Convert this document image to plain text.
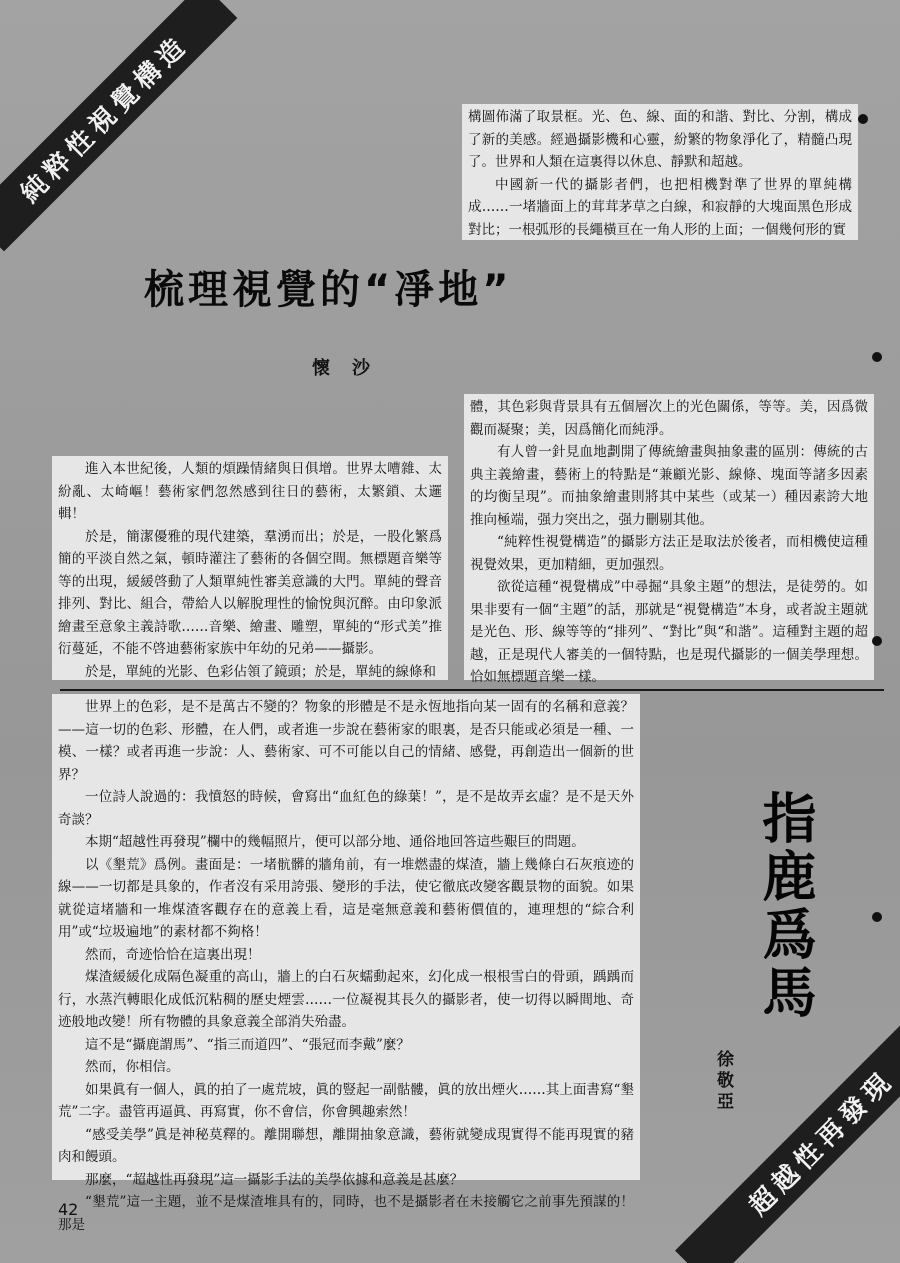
純粹性視覺構造	構圖佈滿了取景框。光、色、線、面的和諧、對比、分割，構成了新的美感。經過攝影機和心靈，紛繁的物象淨化了，精髓凸現了。世界和人類在這裏得以休息、靜默和超越。

中國新一代的攝影者們，也把相機對準了世界的單純構成……一堵牆面上的茸茸茅草之白線，和寂靜的大塊面黑色形成對比；一根弧形的長繩橫亘在一角人形的上面；一個幾何形的實

梳理視覺的“凈地”
懷沙

進入本世紀後，人類的煩躁情緒與日俱增。世界太嘈雜、太紛亂、太崎嶇！藝術家們忽然感到往日的藝術，太繁鎖、太邏輯！

於是，簡潔優雅的現代建築，羣湧而出；於是，一股化繁爲簡的平淡自然之氣，頓時灌注了藝術的各個空間。無標題音樂等等的出現，緩緩啓動了人類單純性審美意識的大門。單純的聲音排列、對比、組合，帶給人以解脫理性的愉悅與沉醉。由印象派繪畫至意象主義詩歌……音樂、繪畫、雕塑，單純的“形式美”推衍蔓延，不能不啓迪藝術家族中年幼的兄弟——攝影。

於是，單純的光影、色彩佔領了鏡頭；於是，單純的線條和

體，其色彩與背景具有五個層次上的光色關係，等等。美，因爲微觀而凝聚；美，因爲簡化而純淨。

有人曾一針見血地劃開了傳統繪畫與抽象畫的區別：傳統的古典主義繪畫，藝術上的特點是“兼顧光影、線條、塊面等諸多因素的均衡呈現”。而抽象繪畫則將其中某些（或某一）種因素誇大地推向極端，强力突出之，强力刪剔其他。

“純粹性視覺構造”的攝影方法正是取法於後者，而相機使這種視覺效果，更加精細，更加强烈。

欲從這種“視覺構成”中尋掘“具象主題”的想法，是徒勞的。如果非要有一個“主題”的話，那就是“視覺構造”本身，或者說主題就是光色、形、線等等的“排列”、“對比”與“和諧”。這種對主題的超越，正是現代人審美的一個特點，也是現代攝影的一個美學理想。恰如無標題音樂一樣。

世界上的色彩，是不是萬古不變的？物象的形體是不是永恆地指向某一固有的名稱和意義？——這一切的色彩、形體，在人們，或者進一步說在藝術家的眼裏，是否只能或必須是一種、一模、一樣？或者再進一步說：人、藝術家、可不可能以自己的情緒、感覺，再創造出一個新的世界？

一位詩人說過的：我憤怒的時候，會寫出“血紅色的綠葉！”，是不是故弄玄虛？是不是天外奇談？

本期“超越性再發現”欄中的幾幅照片，便可以部分地、通俗地回答這些艱巨的問題。

以《墾荒》爲例。畫面是：一堵骯髒的牆角前，有一堆燃盡的煤渣，牆上幾條白石灰痕迹的線——一切都是具象的，作者沒有采用誇張、變形的手法，使它徹底改變客觀景物的面貌。如果就從這堵牆和一堆煤渣客觀存在的意義上看，這是毫無意義和藝術價值的，連理想的“綜合利用”或“垃圾遍地”的素材都不夠格！

然而，奇迹恰恰在這裏出現！

煤渣緩緩化成隔色凝重的高山，牆上的白石灰蠕動起來，幻化成一根根雪白的骨頭，踽踽而行，水蒸汽轉眼化成低沉粘稠的歷史煙雲……一位凝視其長久的攝影者，使一切得以瞬間地、奇迹般地改變！所有物體的具象意義全部消失殆盡。

這不是“攝鹿謂馬”、“指三而道四”、“張冠而李戴”麼？

然而，你相信。

如果眞有一個人，眞的拍了一處荒坡，眞的豎起一副骷髏，眞的放出煙火……其上面書寫“墾荒”二字。盡管再逼眞、再寫實，你不會信，你會興趣索然！

“感受美學”眞是神秘莫釋的。離開聯想，離開抽象意識，藝術就變成現實得不能再現實的豬肉和饅頭。

那麼，“超越性再發現”這一攝影手法的美學依據和意義是甚麼？

“墾荒”這一主題，並不是煤渣堆具有的，同時，也不是攝影者在未接觸它之前事先預謀的！那是

指鹿爲馬
徐敬亞 超越性再發現
42
